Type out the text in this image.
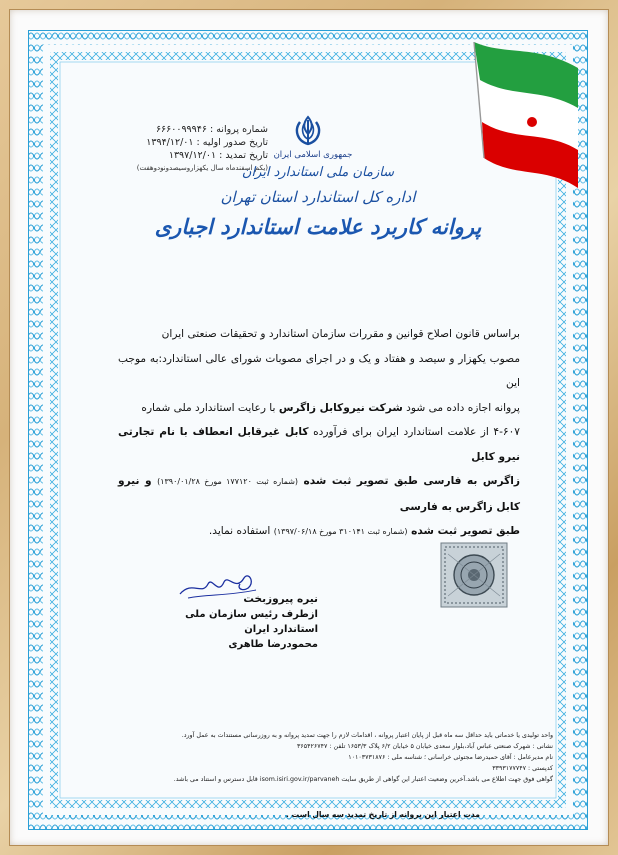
شماره پروانه : ۶۶۶۰۰۹۹۹۴۶
تاریخ صدور اولیه : ۱۳۹۴/۱۲/۰۱
تاریخ تمدید : ۱۳۹۷/۱۲/۰۱
(یکم اسفندماه سال یکهزاروسیصدونودوهفت)
جمهوری اسلامی ایران
سازمان ملی استاندارد ایران
اداره کل استاندارد استان تهران
پروانه کاربرد علامت استاندارد اجباری
براساس قانون اصلاح قوانین و مقررات سازمان استاندارد و تحقیقات صنعتی ایران
مصوب یکهزار و سیصد و هفتاد و یک و در اجرای مصوبات شورای عالی استاندارد:به موجب این
پروانه اجازه داده می شود شرکت نیروکابل زاگرس با رعایت استاندارد ملی شماره
۴-۶۰۷ از علامت استاندارد ایران برای فرآورده کابل غیرقابل انعطاف با نام تجارتی نیرو کابل
زاگرس به فارسی طبق تصویر ثبت شده (شماره ثبت ۱۷۷۱۲۰ مورخ ۱۳۹۰/۰۱/۲۸) و نیرو کابل زاگرس به فارسی
طبق تصویر ثبت شده (شماره ثبت ۳۱۰۱۴۱ مورخ ۱۳۹۷/۰۶/۱۸) استفاده نماید.
نیره پیروزبخت
ازطرف رئیس سازمان ملی استاندارد ایران
محمودرضا طاهری
واحد تولیدی یا خدماتی باید حداقل سه ماه قبل از پایان اعتبار پروانه ، اقدامات لازم را جهت تمدید پروانه و به روزرسانی مستندات به عمل آورد.
نشانی : شهرک صنعتی عباس آباد،بلوار سعدی خیابان ۵ خیابان ۶/۲ پلاک ۱۶۵۳/۳ تلفن : ۳۶۵۴۲۶۷۴۷
نام مدیرعامل : آقای حمیدرضا مجتوئی خراسانی ؛ شناسه ملی : ۱۰۱۰۳۷۳۱۸۷۶
کدپستی : ۳۳۹۳۱۷۷۷۴۷
گواهی فوق جهت اطلاع می باشد.آخرین وضعیت اعتبار این گواهی از طریق سایت isom.isiri.gov.ir/parvaneh قابل دسترس و استناد می باشد.
مدت اعتبار این پروانه از تاریخ تمدید سه سال است .
